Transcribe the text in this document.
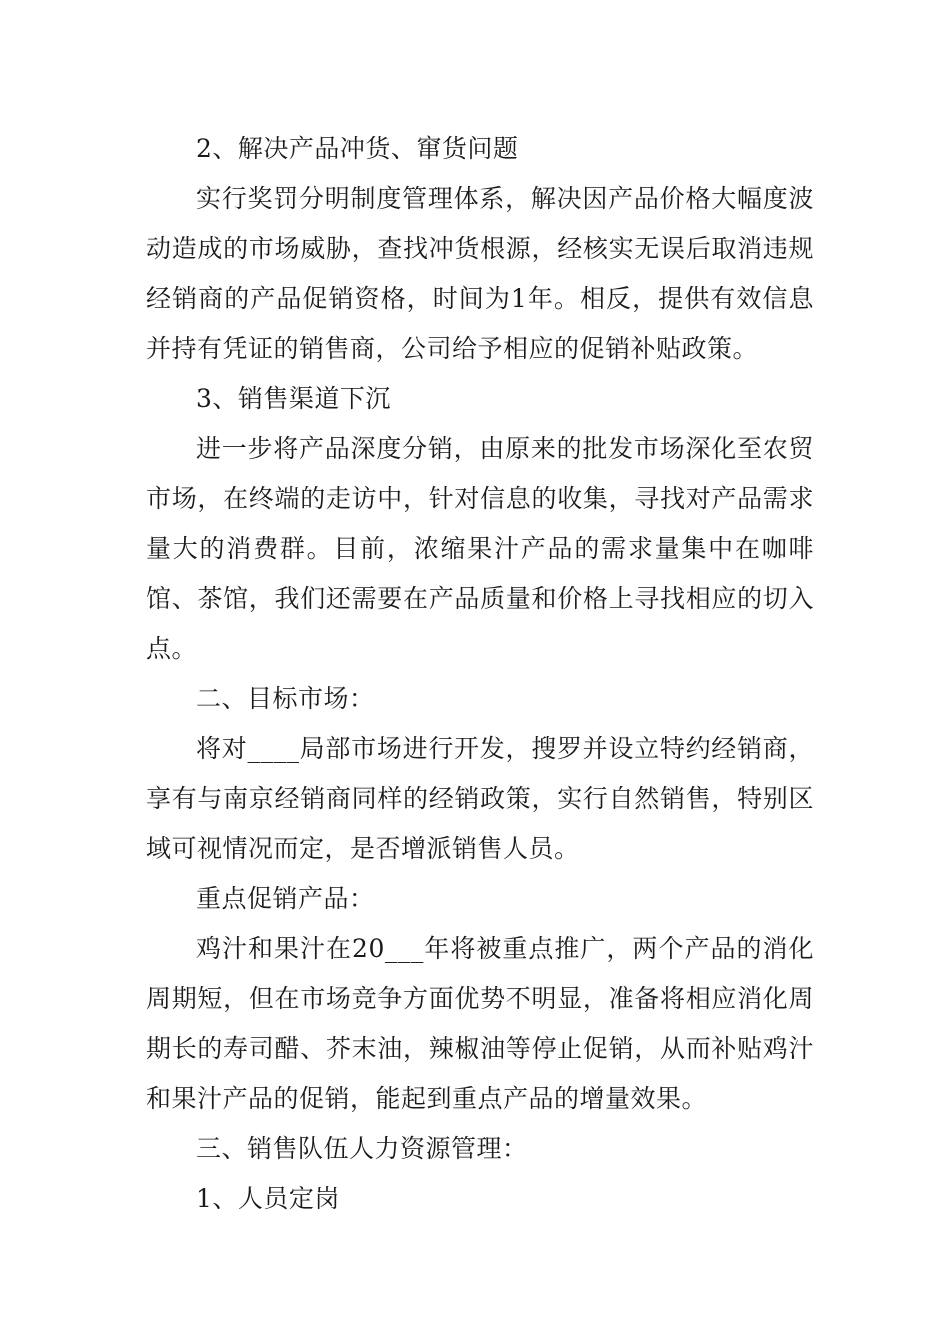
2、解决产品冲货、窜货问题

实行奖罚分明制度管理体系，解决因产品价格大幅度波动造成的市场威胁，查找冲货根源，经核实无误后取消违规经销商的产品促销资格，时间为1年。相反，提供有效信息并持有凭证的销售商，公司给予相应的促销补贴政策。

3、销售渠道下沉

进一步将产品深度分销，由原来的批发市场深化至农贸市场，在终端的走访中，针对信息的收集，寻找对产品需求量大的消费群。目前，浓缩果汁产品的需求量集中在咖啡馆、茶馆，我们还需要在产品质量和价格上寻找相应的切入点。

二、目标市场：

将对____局部市场进行开发，搜罗并设立特约经销商，享有与南京经销商同样的经销政策，实行自然销售，特别区域可视情况而定，是否增派销售人员。

重点促销产品：

鸡汁和果汁在20___年将被重点推广，两个产品的消化周期短，但在市场竞争方面优势不明显，准备将相应消化周期长的寿司醋、芥末油，辣椒油等停止促销，从而补贴鸡汁和果汁产品的促销，能起到重点产品的增量效果。

三、销售队伍人力资源管理：

1、人员定岗
